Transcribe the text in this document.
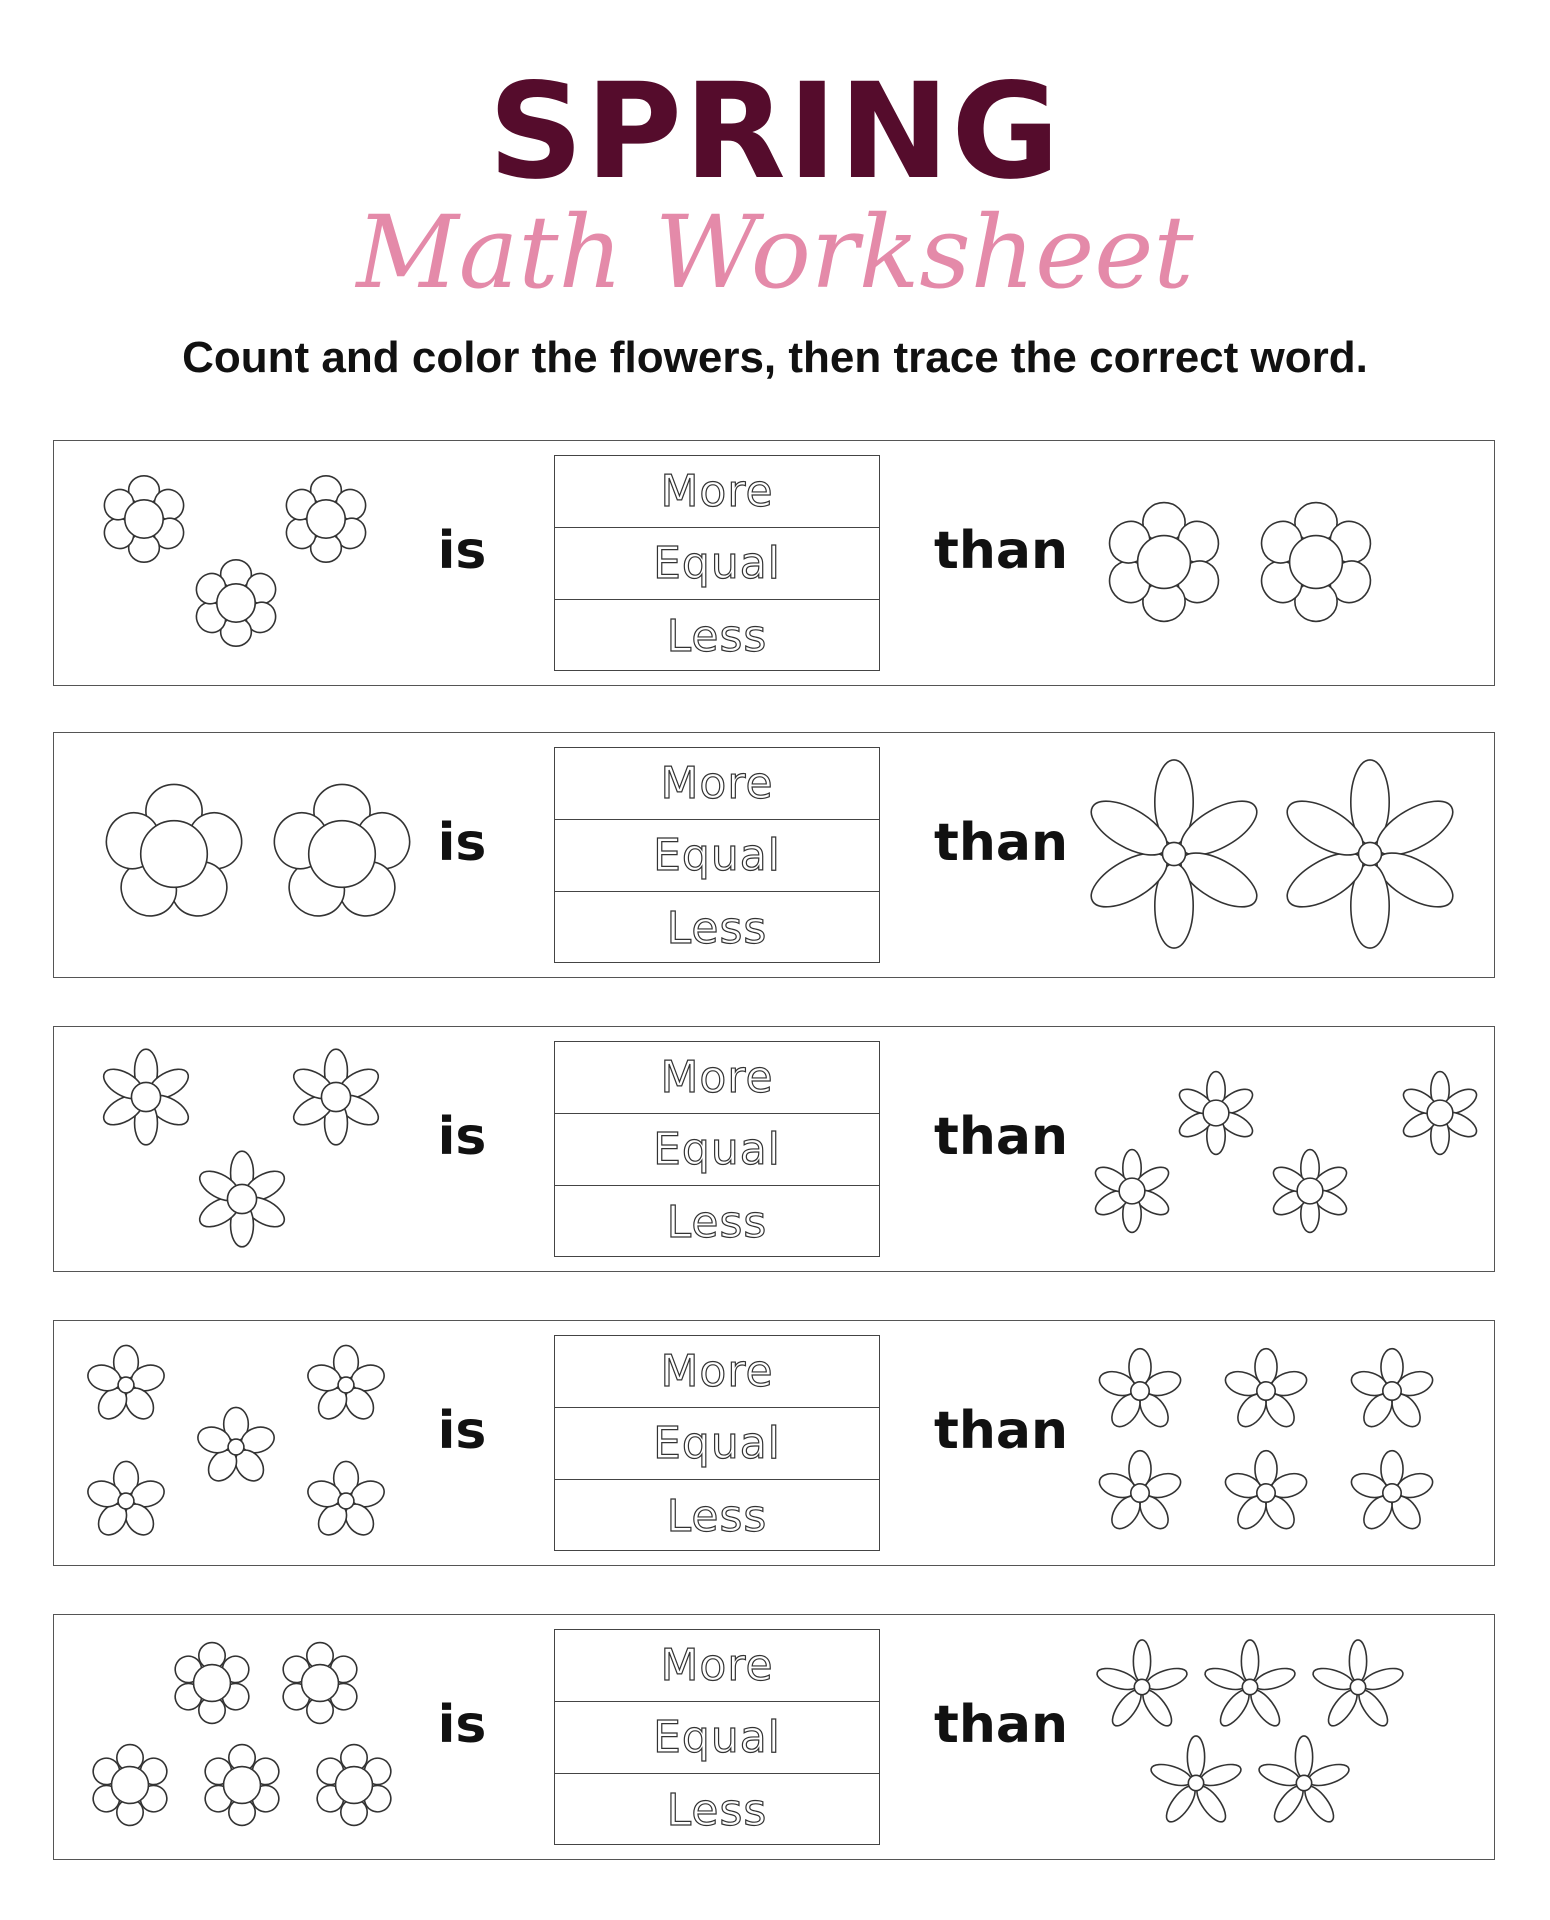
SPRING
Math Worksheet
Count and color the flowers, then trace the correct word.
is
More
Equal
Less
than
is
More
Equal
Less
than
is
More
Equal
Less
than
is
More
Equal
Less
than
is
More
Equal
Less
than
